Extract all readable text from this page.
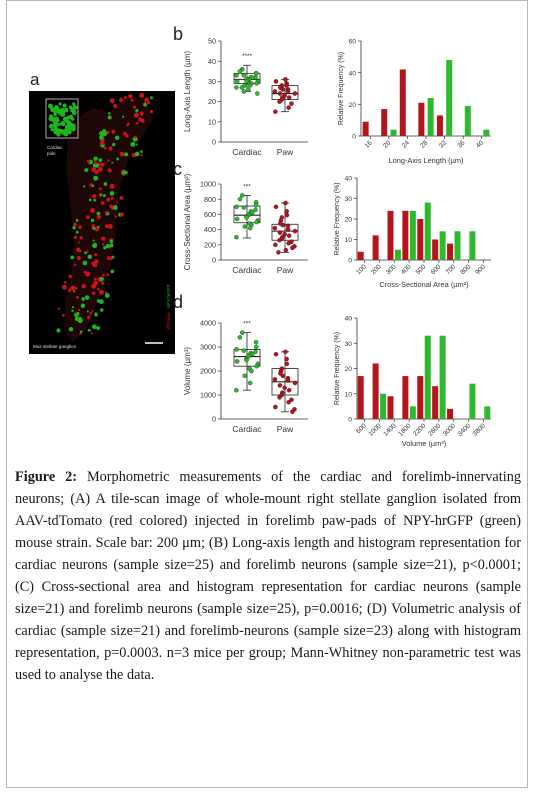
a
Cardiac
pole
Mus stellate ganglion
tdTomato
NPY-hrGFP
b
c
d
0
10
20
30
40
50
Long-Axis Length (µm)
Cardiac Paw
****
0
20
40
60
16 20 24 28 32 36 40
Relative Frequency (%)
Long-Axis Length (µm)
0
200
400
600
800
1000
Cross-Sectional Area (µm²)	Cardiac Paw
***
0
10
20
30
40
100 200 300 400 500 600 700 800 900
Relative Frequency (%)
Cross-Sectional Area (µm²)
0
1000
2000
3000
4000
Volume (µm³)
Cardiac Paw
***
0
10
20
30
40
600 1000 1400 1800 2200 2600 3000 3400 3800
Relative Frequency (%)
Volume (µm³)

Figure 2: Morphometric measurements of the cardiac and forelimb-innervating neurons; (A) A tile-scan image of whole-mount right stellate ganglion isolated from AAV-tdTomato (red colored) injected in forelimb paw-pads of NPY-hrGFP (green) mouse strain. Scale bar: 200 μm; (B) Long-axis length and histogram representation for cardiac neurons (sample size=25) and forelimb neurons (sample size=21), p<0.0001; (C) Cross-sectional area and histogram representation for cardiac neurons (sample size=21) and forelimb neurons (sample size=25), p=0.0016; (D) Volumetric analysis of cardiac (sample size=21) and forelimb-neurons (sample size=23) along with histogram representation, p=0.0003. n=3 mice per group; Mann-Whitney non-parametric test was used to analyse the data.
